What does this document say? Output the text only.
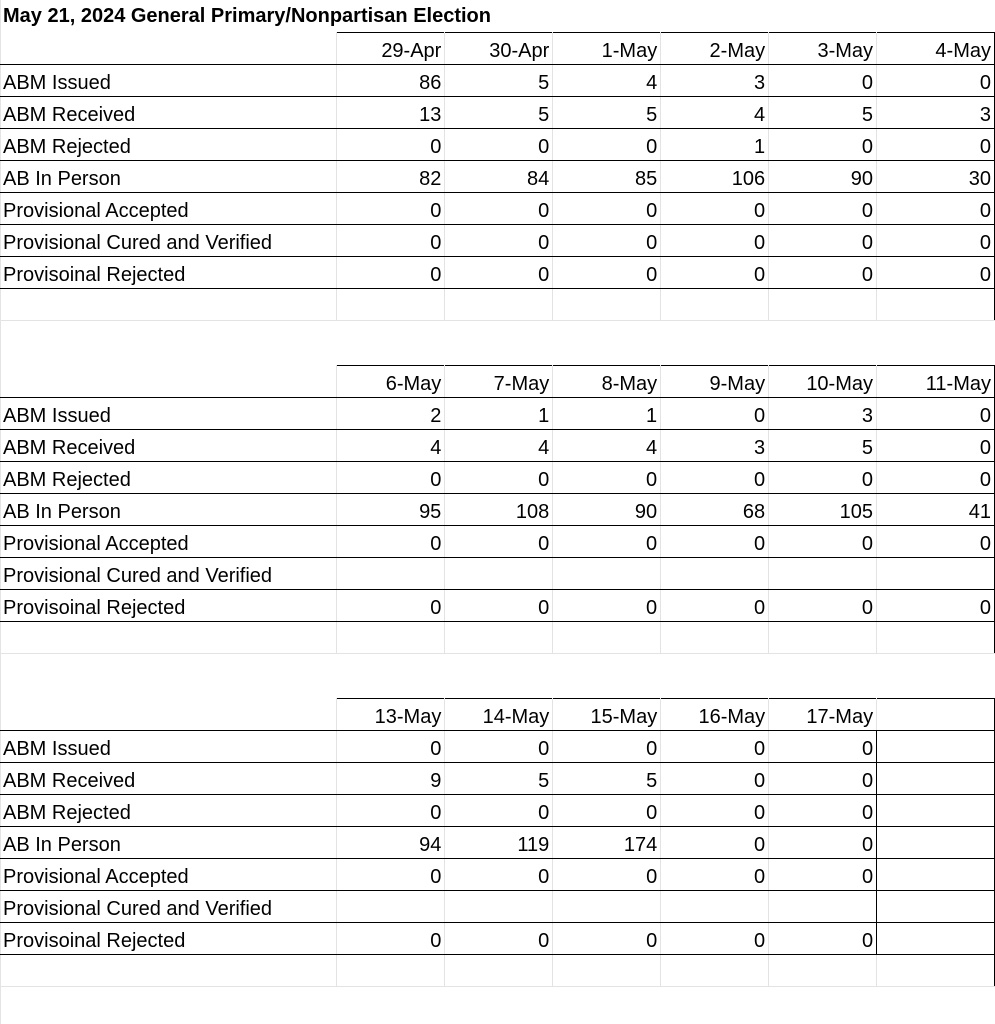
May 21, 2024 General Primary/Nonpartisan Election
	29-Apr	30-Apr	1-May	2-May	3-May	4-May
ABM Issued	86	5	4	3	0	0
ABM Received	13	5	5	4	5	3
ABM Rejected	0	0	0	1	0	0
AB In Person	82	84	85	106	90	30
Provisional Accepted	0	0	0	0	0	0
Provisional Cured and Verified	0	0	0	0	0	0
Provisoinal Rejected	0	0	0	0	0	0

	6-May	7-May	8-May	9-May	10-May	11-May
ABM Issued	2	1	1	0	3	0
ABM Received	4	4	4	3	5	0
ABM Rejected	0	0	0	0	0	0
AB In Person	95	108	90	68	105	41
Provisional Accepted	0	0	0	0	0	0
Provisional Cured and Verified						
Provisoinal Rejected	0	0	0	0	0	0

	13-May	14-May	15-May	16-May	17-May	
ABM Issued	0	0	0	0	0	
ABM Received	9	5	5	0	0	
ABM Rejected	0	0	0	0	0	
AB In Person	94	119	174	0	0	
Provisional Accepted	0	0	0	0	0	
Provisional Cured and Verified						
Provisoinal Rejected	0	0	0	0	0	
